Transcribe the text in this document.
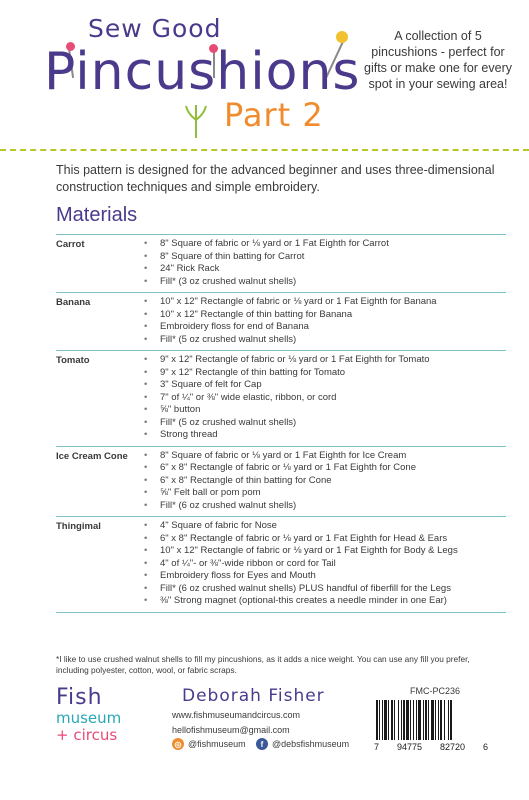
Sew Good
Pincushions
Part 2
A collection of 5 pincushions - perfect for gifts or make one for every spot in your sewing area!
This pattern is designed for the advanced beginner and uses three-dimensional construction techniques and simple embroidery.
Materials
Carrot	• 8" Square of fabric or ⅛ yard or 1 Fat Eighth for Carrot
• 8" Square of thin batting for Carrot
• 24" Rick Rack
• Fill* (3 oz crushed walnut shells)
Banana	• 10" x 12" Rectangle of fabric or ⅛ yard or 1 Fat Eighth for Banana
• 10" x 12" Rectangle of thin batting for Banana
• Embroidery floss for end of Banana
• Fill* (5 oz crushed walnut shells)
Tomato	• 9" x 12" Rectangle of fabric or ⅛ yard or 1 Fat Eighth for Tomato
• 9" x 12" Rectangle of thin batting for Tomato
• 3" Square of felt for Cap
• 7" of ¼" or ⅜" wide elastic, ribbon, or cord
• ⅝" button
• Fill* (5 oz crushed walnut shells)
• Strong thread
Ice Cream Cone	• 8" Square of fabric or ⅛ yard or 1 Fat Eighth for Ice Cream
• 6" x 8" Rectangle of fabric or ⅛ yard or 1 Fat Eighth for Cone
• 6" x 8" Rectangle of thin batting for Cone
• ⅝" Felt ball or pom pom
• Fill* (6 oz crushed walnut shells)
Thingimal	• 4" Square of fabric for Nose
• 6" x 8" Rectangle of fabric or ⅛ yard or 1 Fat Eighth for Head & Ears
• 10" x 12" Rectangle of fabric or ⅛ yard or 1 Fat Eighth for Body & Legs
• 4" of ¼"- or ⅜"-wide ribbon or cord for Tail
• Embroidery floss for Eyes and Mouth
• Fill* (6 oz crushed walnut shells) PLUS handful of fiberfill for the Legs
• ⅜" Strong magnet (optional-this creates a needle minder in one Ear)
*I like to use crushed walnut shells to fill my pincushions, as it adds a nice weight. You can use any fill you prefer, including polyester, cotton, wool, or fabric scraps.
Fish
museum
+ circus
Deborah Fisher
www.fishmuseumandcircus.com
hellofishmuseum@gmail.com
◎ @fishmuseum	f @debsfishmuseum
FMC-PC236
7 94775 82720 6
